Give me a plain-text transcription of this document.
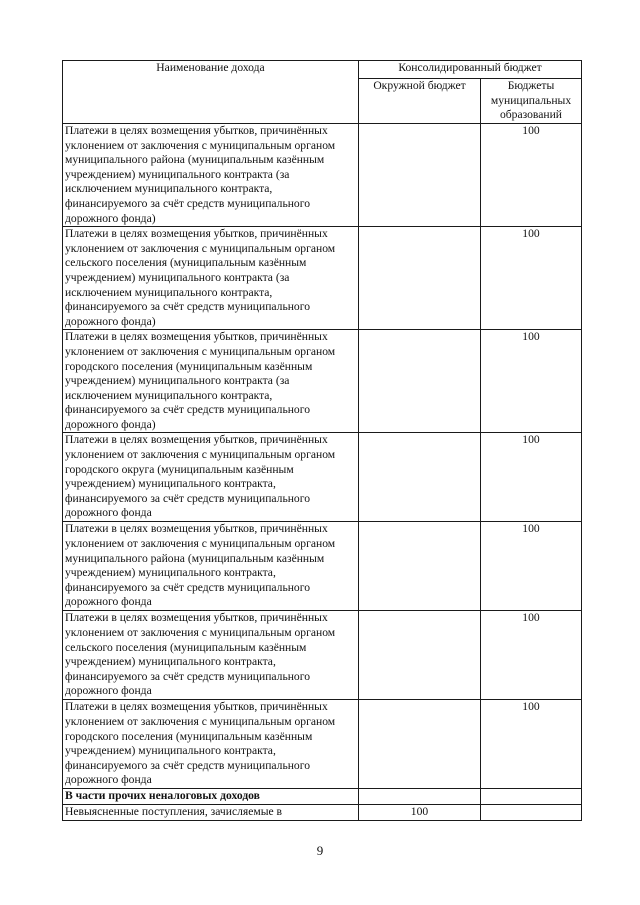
Наименование дохода	Консолидированный бюджет	
	Окружной бюджет	Бюджеты муниципальных образований
Платежи в целях возмещения убытков, причинённых уклонением от заключения с муниципальным органом муниципального района (муниципальным казённым учреждением) муниципального контракта (за исключением муниципального контракта, финансируемого за счёт средств муниципального дорожного фонда)		100
Платежи в целях возмещения убытков, причинённых уклонением от заключения с муниципальным органом сельского поселения (муниципальным казённым учреждением) муниципального контракта (за исключением муниципального контракта, финансируемого за счёт средств муниципального дорожного фонда)		100
Платежи в целях возмещения убытков, причинённых уклонением от заключения с муниципальным органом городского поселения (муниципальным казённым учреждением) муниципального контракта (за исключением муниципального контракта, финансируемого за счёт средств муниципального дорожного фонда)		100
Платежи в целях возмещения убытков, причинённых уклонением от заключения с муниципальным органом городского округа (муниципальным казённым учреждением) муниципального контракта, финансируемого за счёт средств муниципального дорожного фонда		100
Платежи в целях возмещения убытков, причинённых уклонением от заключения с муниципальным органом муниципального района (муниципальным казённым учреждением) муниципального контракта, финансируемого за счёт средств муниципального дорожного фонда		100
Платежи в целях возмещения убытков, причинённых уклонением от заключения с муниципальным органом сельского поселения (муниципальным казённым учреждением) муниципального контракта, финансируемого за счёт средств муниципального дорожного фонда		100
Платежи в целях возмещения убытков, причинённых уклонением от заключения с муниципальным органом городского поселения (муниципальным казённым учреждением) муниципального контракта, финансируемого за счёт средств муниципального дорожного фонда		100
В части прочих неналоговых доходов		
Невыясненные поступления, зачисляемые в	100	
9
